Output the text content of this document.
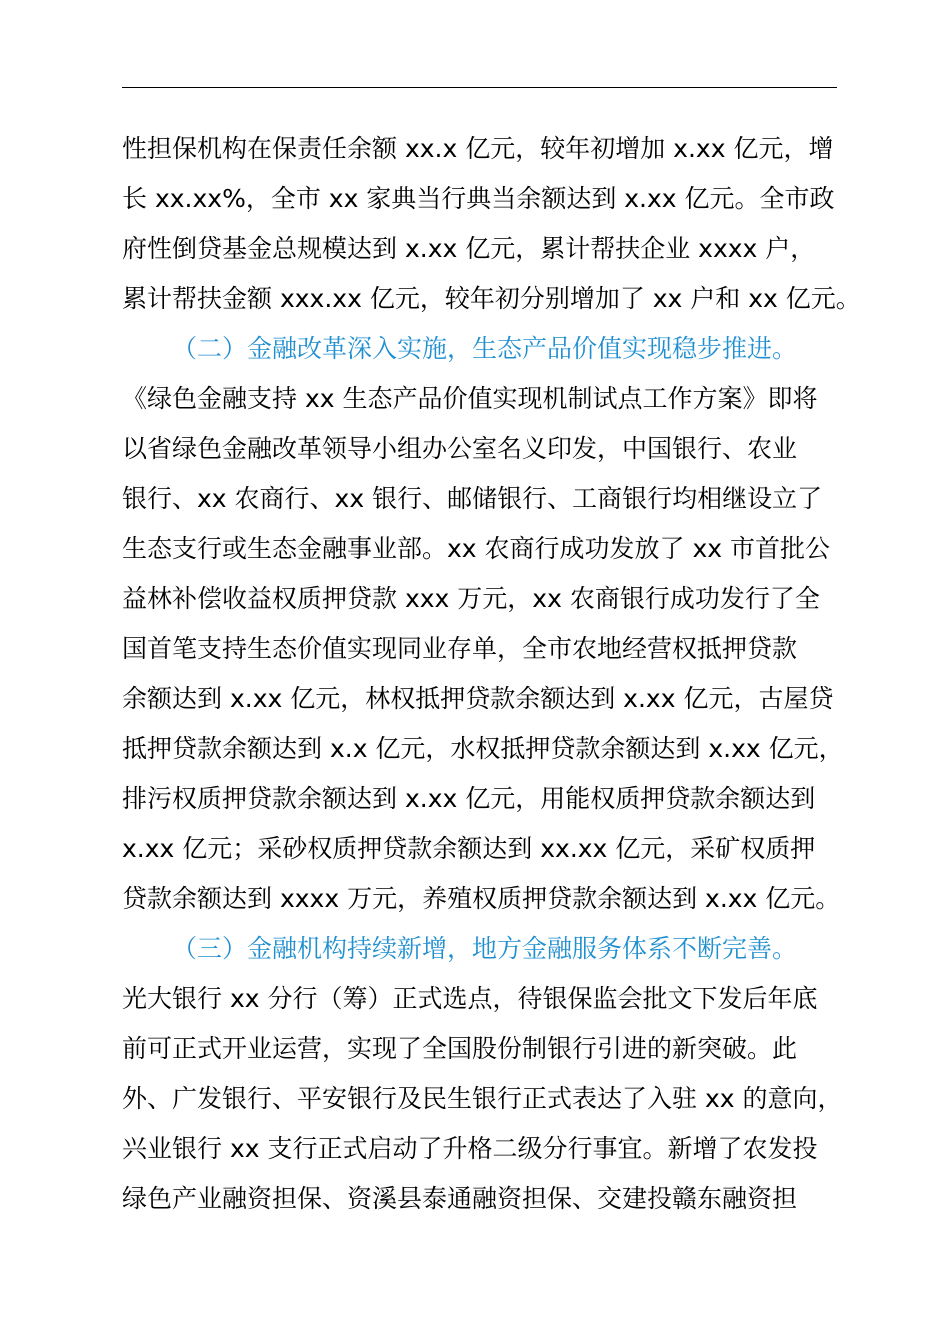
性担保机构在保责任余额 xx.x 亿元，较年初增加 x.xx 亿元，增
长 xx.xx%，全市 xx 家典当行典当余额达到 x.xx 亿元。全市政
府性倒贷基金总规模达到 x.xx 亿元，累计帮扶企业 xxxx 户，
累计帮扶金额 xxx.xx 亿元，较年初分别增加了 xx 户和 xx 亿元。
（二）金融改革深入实施，生态产品价值实现稳步推进。
《绿色金融支持 xx 生态产品价值实现机制试点工作方案》即将
以省绿色金融改革领导小组办公室名义印发，中国银行、农业
银行、xx 农商行、xx 银行、邮储银行、工商银行均相继设立了
生态支行或生态金融事业部。xx 农商行成功发放了 xx 市首批公
益林补偿收益权质押贷款 xxx 万元，xx 农商银行成功发行了全
国首笔支持生态价值实现同业存单，全市农地经营权抵押贷款
余额达到 x.xx 亿元，林权抵押贷款余额达到 x.xx 亿元，古屋贷
抵押贷款余额达到 x.x 亿元，水权抵押贷款余额达到 x.xx 亿元，
排污权质押贷款余额达到 x.xx 亿元，用能权质押贷款余额达到
x.xx 亿元；采砂权质押贷款余额达到 xx.xx 亿元，采矿权质押
贷款余额达到 xxxx 万元，养殖权质押贷款余额达到 x.xx 亿元。
（三）金融机构持续新增，地方金融服务体系不断完善。
光大银行 xx 分行（筹）正式选点，待银保监会批文下发后年底
前可正式开业运营，实现了全国股份制银行引进的新突破。此
外、广发银行、平安银行及民生银行正式表达了入驻 xx 的意向，
兴业银行 xx 支行正式启动了升格二级分行事宜。新增了农发投
绿色产业融资担保、资溪县泰通融资担保、交建投赣东融资担
